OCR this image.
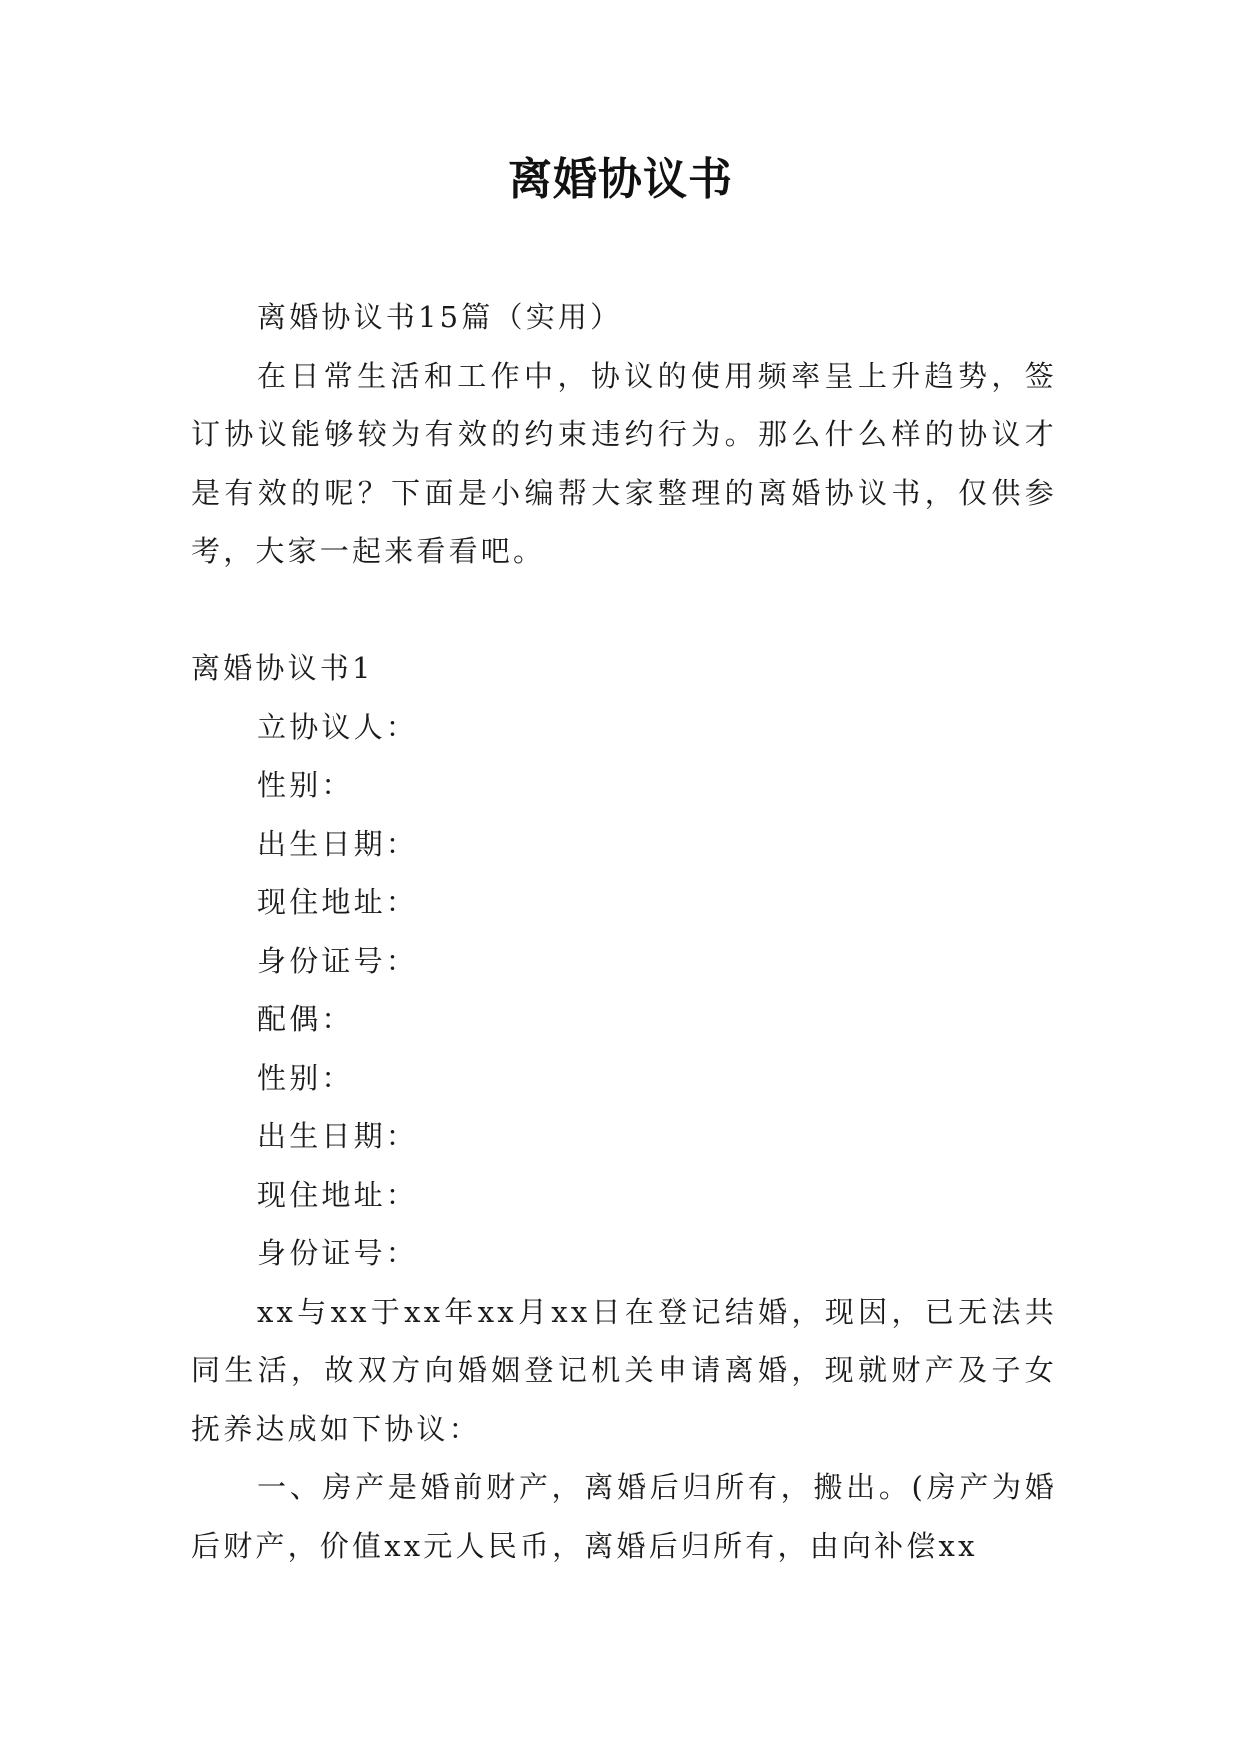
离婚协议书

离婚协议书15篇（实用）

在日常生活和工作中，协议的使用频率呈上升趋势，签订协议能够较为有效的约束违约行为。那么什么样的协议才是有效的呢？下面是小编帮大家整理的离婚协议书，仅供参考，大家一起来看看吧。

离婚协议书1

立协议人：

性别：

出生日期：

现住地址：

身份证号：

配偶：

性别：

出生日期：

现住地址：

身份证号：

xx与xx于xx年xx月xx日在登记结婚，现因，已无法共同生活，故双方向婚姻登记机关申请离婚，现就财产及子女抚养达成如下协议：

一、房产是婚前财产，离婚后归所有，搬出。(房产为婚后财产，价值xx元人民币，离婚后归所有，由向补偿xx
